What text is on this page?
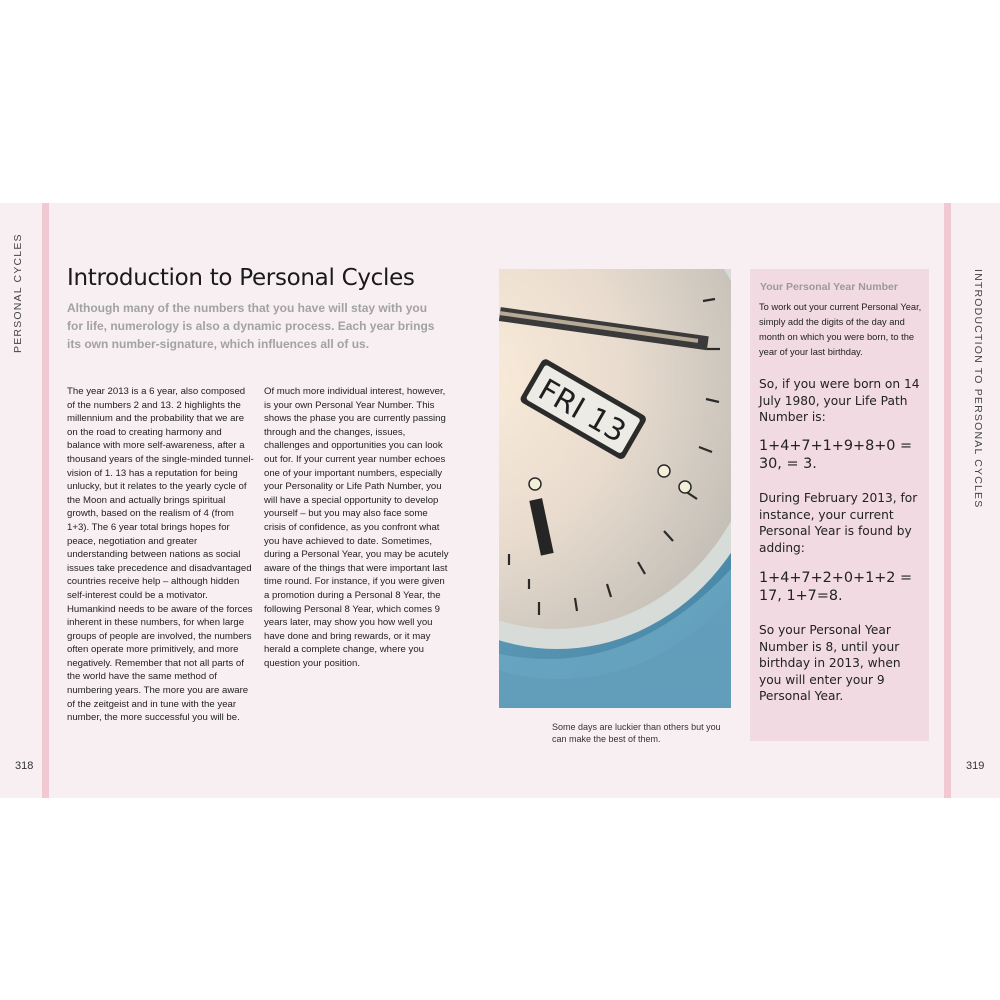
PERSONAL CYCLES	INTRODUCTION TO PERSONAL CYCLES
318	319
Introduction to Personal Cycles

Although many of the numbers that you have will stay with you for life, numerology is also a dynamic process. Each year brings its own number-signature, which influences all of us.

The year 2013 is a 6 year, also composed of the numbers 2 and 13. 2 highlights the millennium and the probability that we are on the road to creating harmony and balance with more self-awareness, after a thousand years of the single-minded tunnel-vision of 1. 13 has a reputation for being unlucky, but it relates to the yearly cycle of the Moon and actually brings spiritual growth, based on the realism of 4 (from 1+3). The 6 year total brings hopes for peace, negotiation and greater understanding between nations as social issues take precedence and disadvantaged countries receive help – although hidden self-interest could be a motivator. Humankind needs to be aware of the forces inherent in these numbers, for when large groups of people are involved, the numbers often operate more primitively, and more negatively. Remember that not all parts of the world have the same method of numbering years. The more you are aware of the zeitgeist and in tune with the year number, the more successful you will be.

Of much more individual interest, however, is your own Personal Year Number. This shows the phase you are currently passing through and the changes, issues, challenges and opportunities you can look out for. If your current year number echoes one of your important numbers, especially your Personality or Life Path Number, you will have a special opportunity to develop yourself – but you may also face some crisis of confidence, as you confront what you have achieved to date. Sometimes, during a Personal Year, you may be acutely aware of the things that were important last time round. For instance, if you were given a promotion during a Personal 8 Year, the following Personal 8 Year, which comes 9 years later, may show you how well you have done and bring rewards, or it may herald a complete change, where you question your position.

FRI 13

Some days are luckier than others but you can make the best of them.

Your Personal Year Number

To work out your current Personal Year, simply add the digits of the day and month on which you were born, to the year of your last birthday.

So, if you were born on 14 July 1980, your Life Path Number is:

1+4+7+1+9+8+0 = 30, = 3.

During February 2013, for instance, your current Personal Year is found by adding:

1+4+7+2+0+1+2 = 17, 1+7=8.

So your Personal Year Number is 8, until your birthday in 2013, when you will enter your 9 Personal Year.
